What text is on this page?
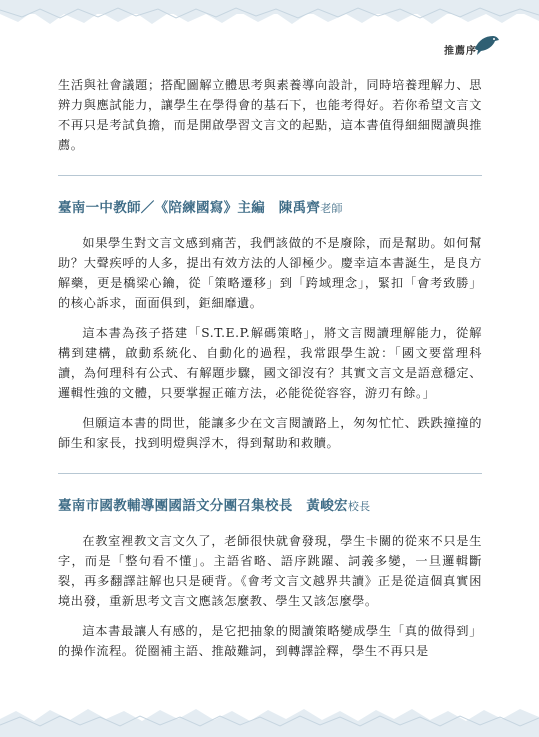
推薦序

生活與社會議題；搭配圖解立體思考與素養導向設計，同時培養理解力、思辨力與應試能力，讓學生在學得會的基石下，也能考得好。若你希望文言文不再只是考試負擔，而是開啟學習文言文的起點，這本書值得細細閱讀與推薦。

臺南一中教師／《陪練國寫》主編　陳禹齊老師

如果學生對文言文感到痛苦，我們該做的不是廢除，而是幫助。如何幫助？大聲疾呼的人多，提出有效方法的人卻極少。慶幸這本書誕生，是良方解藥，更是橋梁心鑰，從「策略遷移」到「跨域理念」，緊扣「會考致勝」的核心訴求，面面俱到，鉅細靡遺。

這本書為孩子搭建「S.T.E.P.解碼策略」，將文言閱讀理解能力，從解構到建構，啟動系統化、自動化的過程，我常跟學生說：「國文要當理科讀，為何理科有公式、有解題步驟，國文卻沒有？其實文言文是語意穩定、邏輯性強的文體，只要掌握正確方法，必能從從容容，游刃有餘。」

但願這本書的問世，能讓多少在文言閱讀路上，匆匆忙忙、跌跌撞撞的師生和家長，找到明燈與浮木，得到幫助和救贖。

臺南市國教輔導團國語文分團召集校長　黃峻宏校長

在教室裡教文言文久了，老師很快就會發現，學生卡關的從來不只是生字，而是「整句看不懂」。主語省略、語序跳躍、詞義多變，一旦邏輯斷裂，再多翻譯註解也只是硬背。《會考文言文越界共讀》正是從這個真實困境出發，重新思考文言文應該怎麼教、學生又該怎麼學。

這本書最讓人有感的，是它把抽象的閱讀策略變成學生「真的做得到」的操作流程。從圈補主語、推敲難詞，到轉譯詮釋，學生不再只是
